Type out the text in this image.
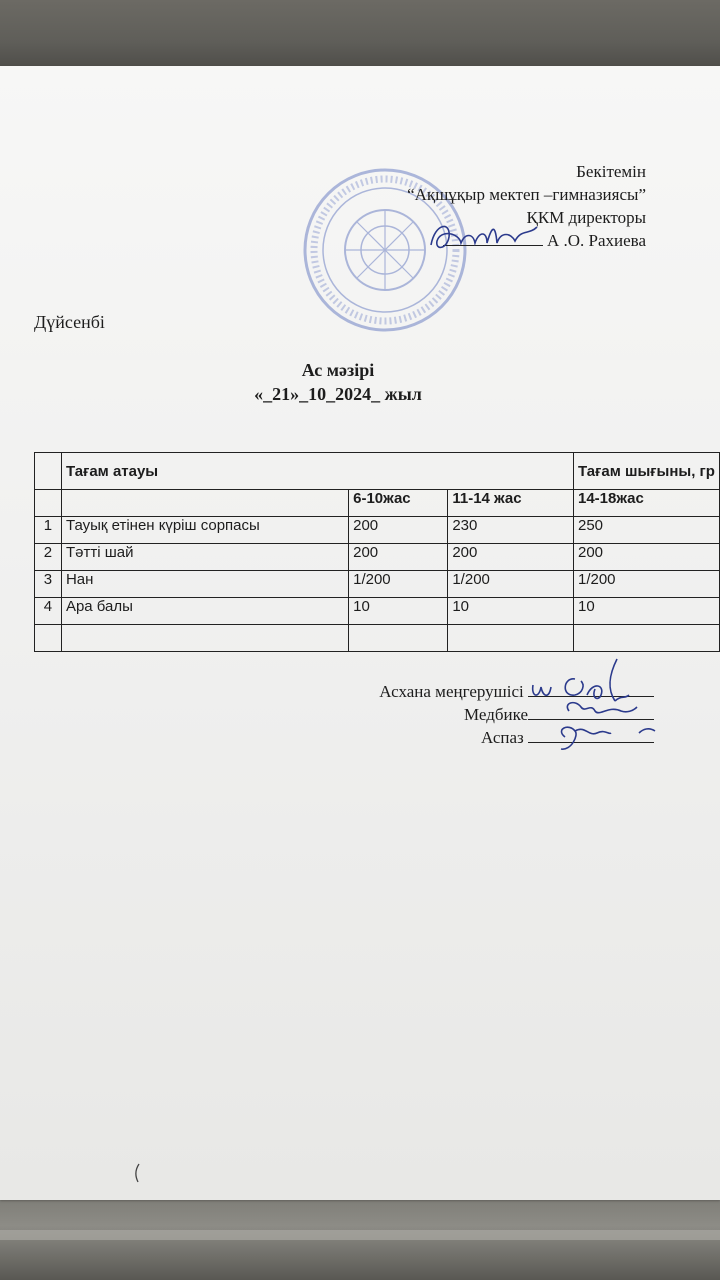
Бекітемін
“Ақшұқыр мектеп –гимназиясы”
ҚКМ директоры
А .О. Рахиева
Дүйсенбі
Ас мәзірі
«_21»_10_2024_ жыл
	Тағам атауы			Тағам шығыны, гр
		6-10жас	11-14 жас	14-18жас
1	Тауық етінен күріш сорпасы	200	230	250
2	Тәтті шай	200	200	200
3	Нан	1/200	1/200	1/200
4	Ара балы	10	10	10

Асхана меңгерушісі
Медбике
Аспаз
